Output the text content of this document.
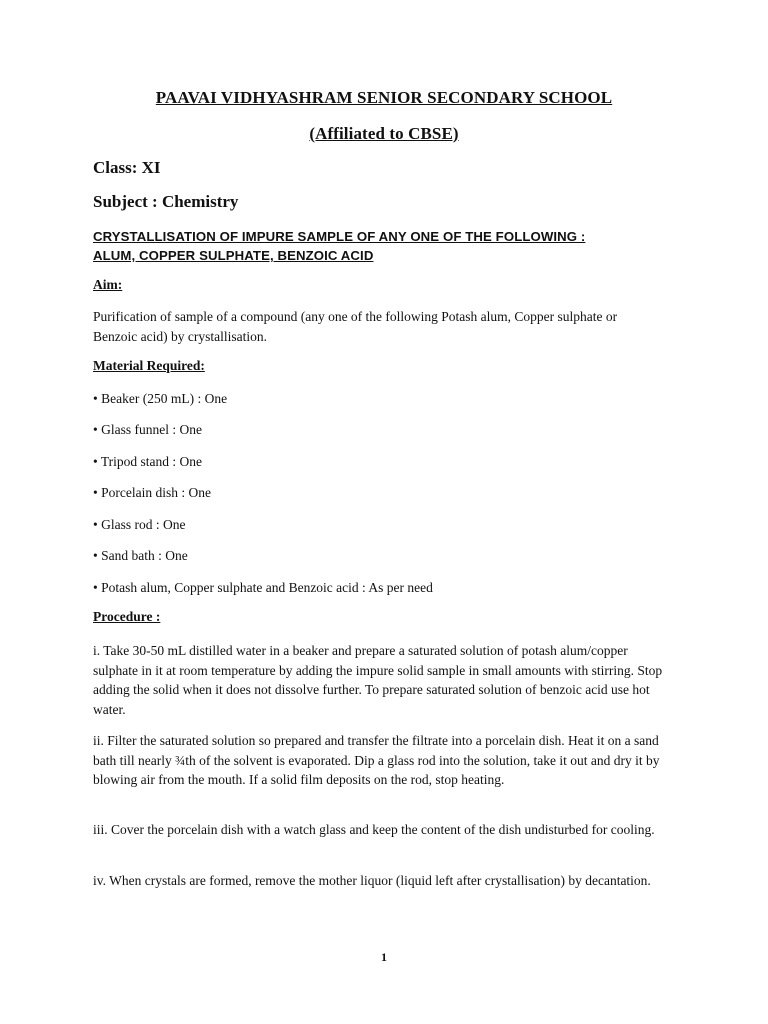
PAAVAI VIDHYASHRAM SENIOR SECONDARY SCHOOL

(Affiliated to CBSE)

Class: XI

Subject : Chemistry

CRYSTALLISATION OF IMPURE SAMPLE OF ANY ONE OF THE FOLLOWING :

ALUM, COPPER SULPHATE, BENZOIC ACID

Aim:

Purification of sample of a compound (any one of the following Potash alum, Copper sulphate or Benzoic acid) by crystallisation.

Material Required:

• Beaker (250 mL) : One

• Glass funnel : One

• Tripod stand : One

• Porcelain dish : One

• Glass rod : One

• Sand bath : One

• Potash alum, Copper sulphate and Benzoic acid : As per need

Procedure :

i. Take 30-50 mL distilled water in a beaker and prepare a saturated solution of potash alum/copper sulphate in it at room temperature by adding the impure solid sample in small amounts with stirring. Stop adding the solid when it does not dissolve further. To prepare saturated solution of benzoic acid use hot water.

ii. Filter the saturated solution so prepared and transfer the filtrate into a porcelain dish. Heat it on a sand bath till nearly ¾th of the solvent is evaporated. Dip a glass rod into the solution, take it out and dry it by blowing air from the mouth. If a solid film deposits on the rod, stop heating.

iii. Cover the porcelain dish with a watch glass and keep the content of the dish undisturbed for cooling.

iv. When crystals are formed, remove the mother liquor (liquid left after crystallisation) by decantation.

1
